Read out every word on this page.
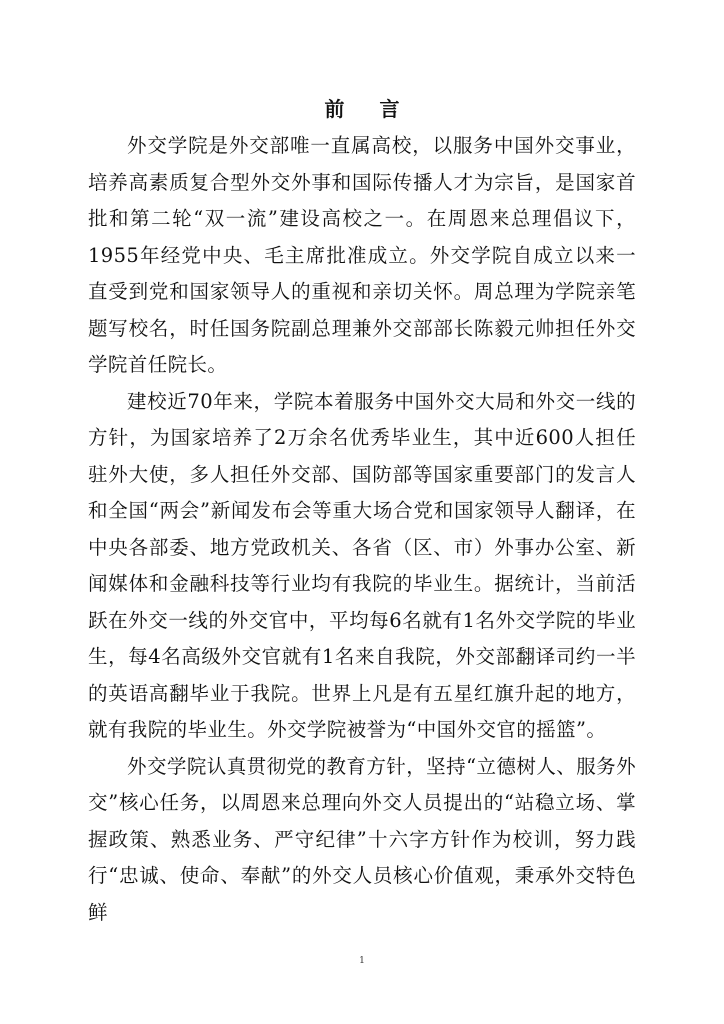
前 言

外交学院是外交部唯一直属高校，以服务中国外交事业，培养高素质复合型外交外事和国际传播人才为宗旨，是国家首批和第二轮“双一流”建设高校之一。在周恩来总理倡议下，1955年经党中央、毛主席批准成立。外交学院自成立以来一直受到党和国家领导人的重视和亲切关怀。周总理为学院亲笔题写校名，时任国务院副总理兼外交部部长陈毅元帅担任外交学院首任院长。

建校近70年来，学院本着服务中国外交大局和外交一线的方针，为国家培养了2万余名优秀毕业生，其中近600人担任驻外大使，多人担任外交部、国防部等国家重要部门的发言人和全国“两会”新闻发布会等重大场合党和国家领导人翻译，在中央各部委、地方党政机关、各省（区、市）外事办公室、新闻媒体和金融科技等行业均有我院的毕业生。据统计，当前活跃在外交一线的外交官中，平均每6名就有1名外交学院的毕业生，每4名高级外交官就有1名来自我院，外交部翻译司约一半的英语高翻毕业于我院。世界上凡是有五星红旗升起的地方，就有我院的毕业生。外交学院被誉为“中国外交官的摇篮”。

外交学院认真贯彻党的教育方针，坚持“立德树人、服务外交”核心任务，以周恩来总理向外交人员提出的“站稳立场、掌握政策、熟悉业务、严守纪律”十六字方针作为校训，努力践行“忠诚、使命、奉献”的外交人员核心价值观，秉承外交特色鲜

1
